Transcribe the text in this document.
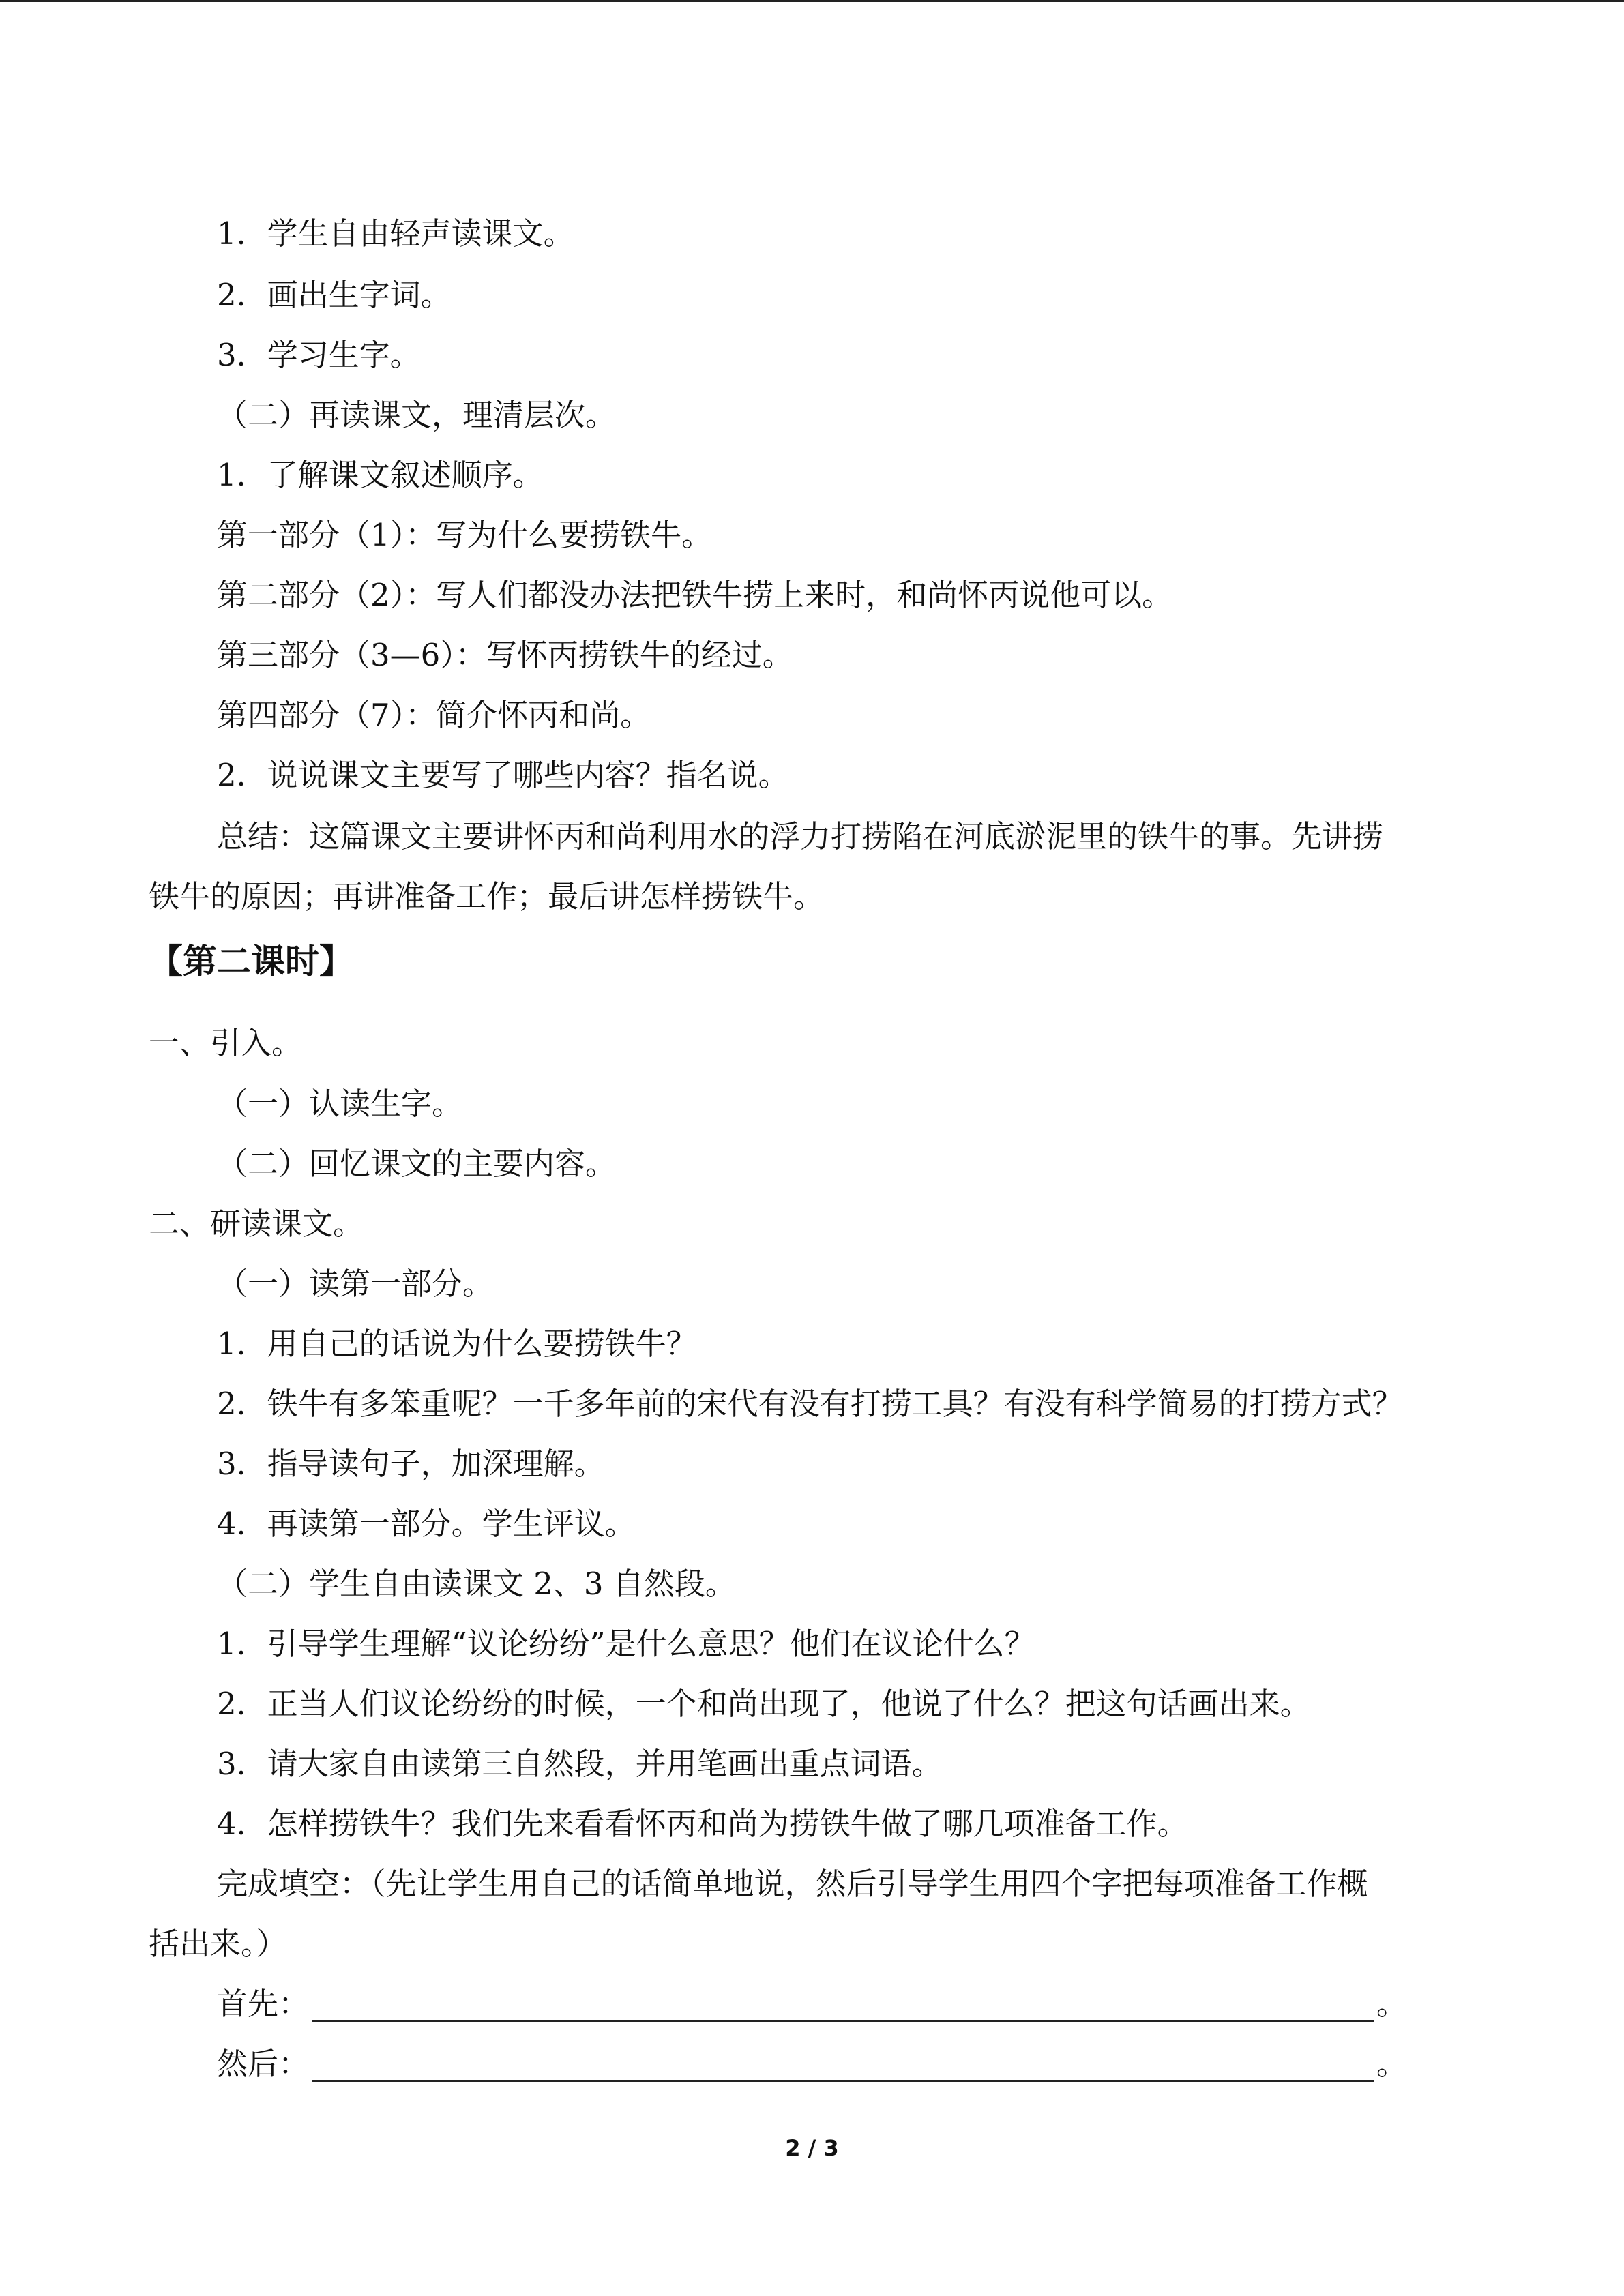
1．学生自由轻声读课文。
2．画出生字词。
3．学习生字。
（二）再读课文，理清层次。
1．了解课文叙述顺序。
第一部分（1）：写为什么要捞铁牛。
第二部分（2）：写人们都没办法把铁牛捞上来时，和尚怀丙说他可以。
第三部分（3—6）：写怀丙捞铁牛的经过。
第四部分（7）：简介怀丙和尚。
2．说说课文主要写了哪些内容？指名说。
总结：这篇课文主要讲怀丙和尚利用水的浮力打捞陷在河底淤泥里的铁牛的事。先讲捞
铁牛的原因；再讲准备工作；最后讲怎样捞铁牛。
【第二课时】
一、引入。
（一）认读生字。
（二）回忆课文的主要内容。
二、研读课文。
（一）读第一部分。
1．用自己的话说为什么要捞铁牛？
2．铁牛有多笨重呢？一千多年前的宋代有没有打捞工具？有没有科学简易的打捞方式？
3．指导读句子，加深理解。
4．再读第一部分。学生评议。
（二）学生自由读课文 2、3 自然段。
1．引导学生理解“议论纷纷”是什么意思？他们在议论什么？
2．正当人们议论纷纷的时候，一个和尚出现了，他说了什么？把这句话画出来。
3．请大家自由读第三自然段，并用笔画出重点词语。
4．怎样捞铁牛？我们先来看看怀丙和尚为捞铁牛做了哪几项准备工作。
完成填空：（先让学生用自己的话简单地说，然后引导学生用四个字把每项准备工作概
括出来。）
首先：	。
然后：	。
2 / 3
